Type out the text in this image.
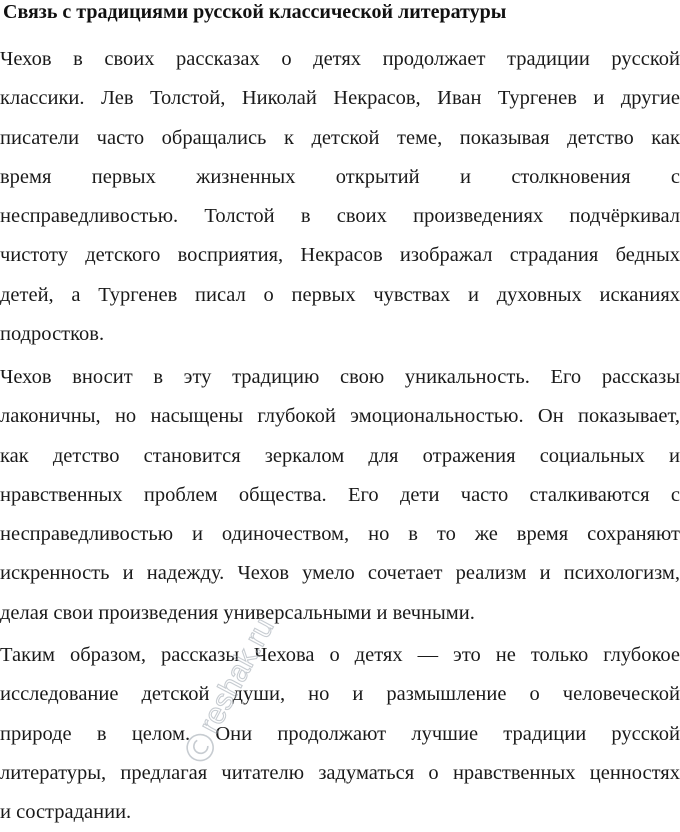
Связь с традициями русской классической литературы

Чехов в своих рассказах о детях продолжает традиции русской
классики. Лев Толстой, Николай Некрасов, Иван Тургенев и другие
писатели часто обращались к детской теме, показывая детство как
время первых жизненных открытий и столкновения с
несправедливостью. Толстой в своих произведениях подчёркивал
чистоту детского восприятия, Некрасов изображал страдания бедных
детей, а Тургенев писал о первых чувствах и духовных исканиях
подростков.

Чехов вносит в эту традицию свою уникальность. Его рассказы
лаконичны, но насыщены глубокой эмоциональностью. Он показывает,
как детство становится зеркалом для отражения социальных и
нравственных проблем общества. Его дети часто сталкиваются с
несправедливостью и одиночеством, но в то же время сохраняют
искренность и надежду. Чехов умело сочетает реализм и психологизм,
делая свои произведения универсальными и вечными.

Таким образом, рассказы Чехова о детях — это не только глубокое
исследование детской души, но и размышление о человеческой
природе в целом. Они продолжают лучшие традиции русской
литературы, предлагая читателю задуматься о нравственных ценностях
и сострадании.

reshak.ru
